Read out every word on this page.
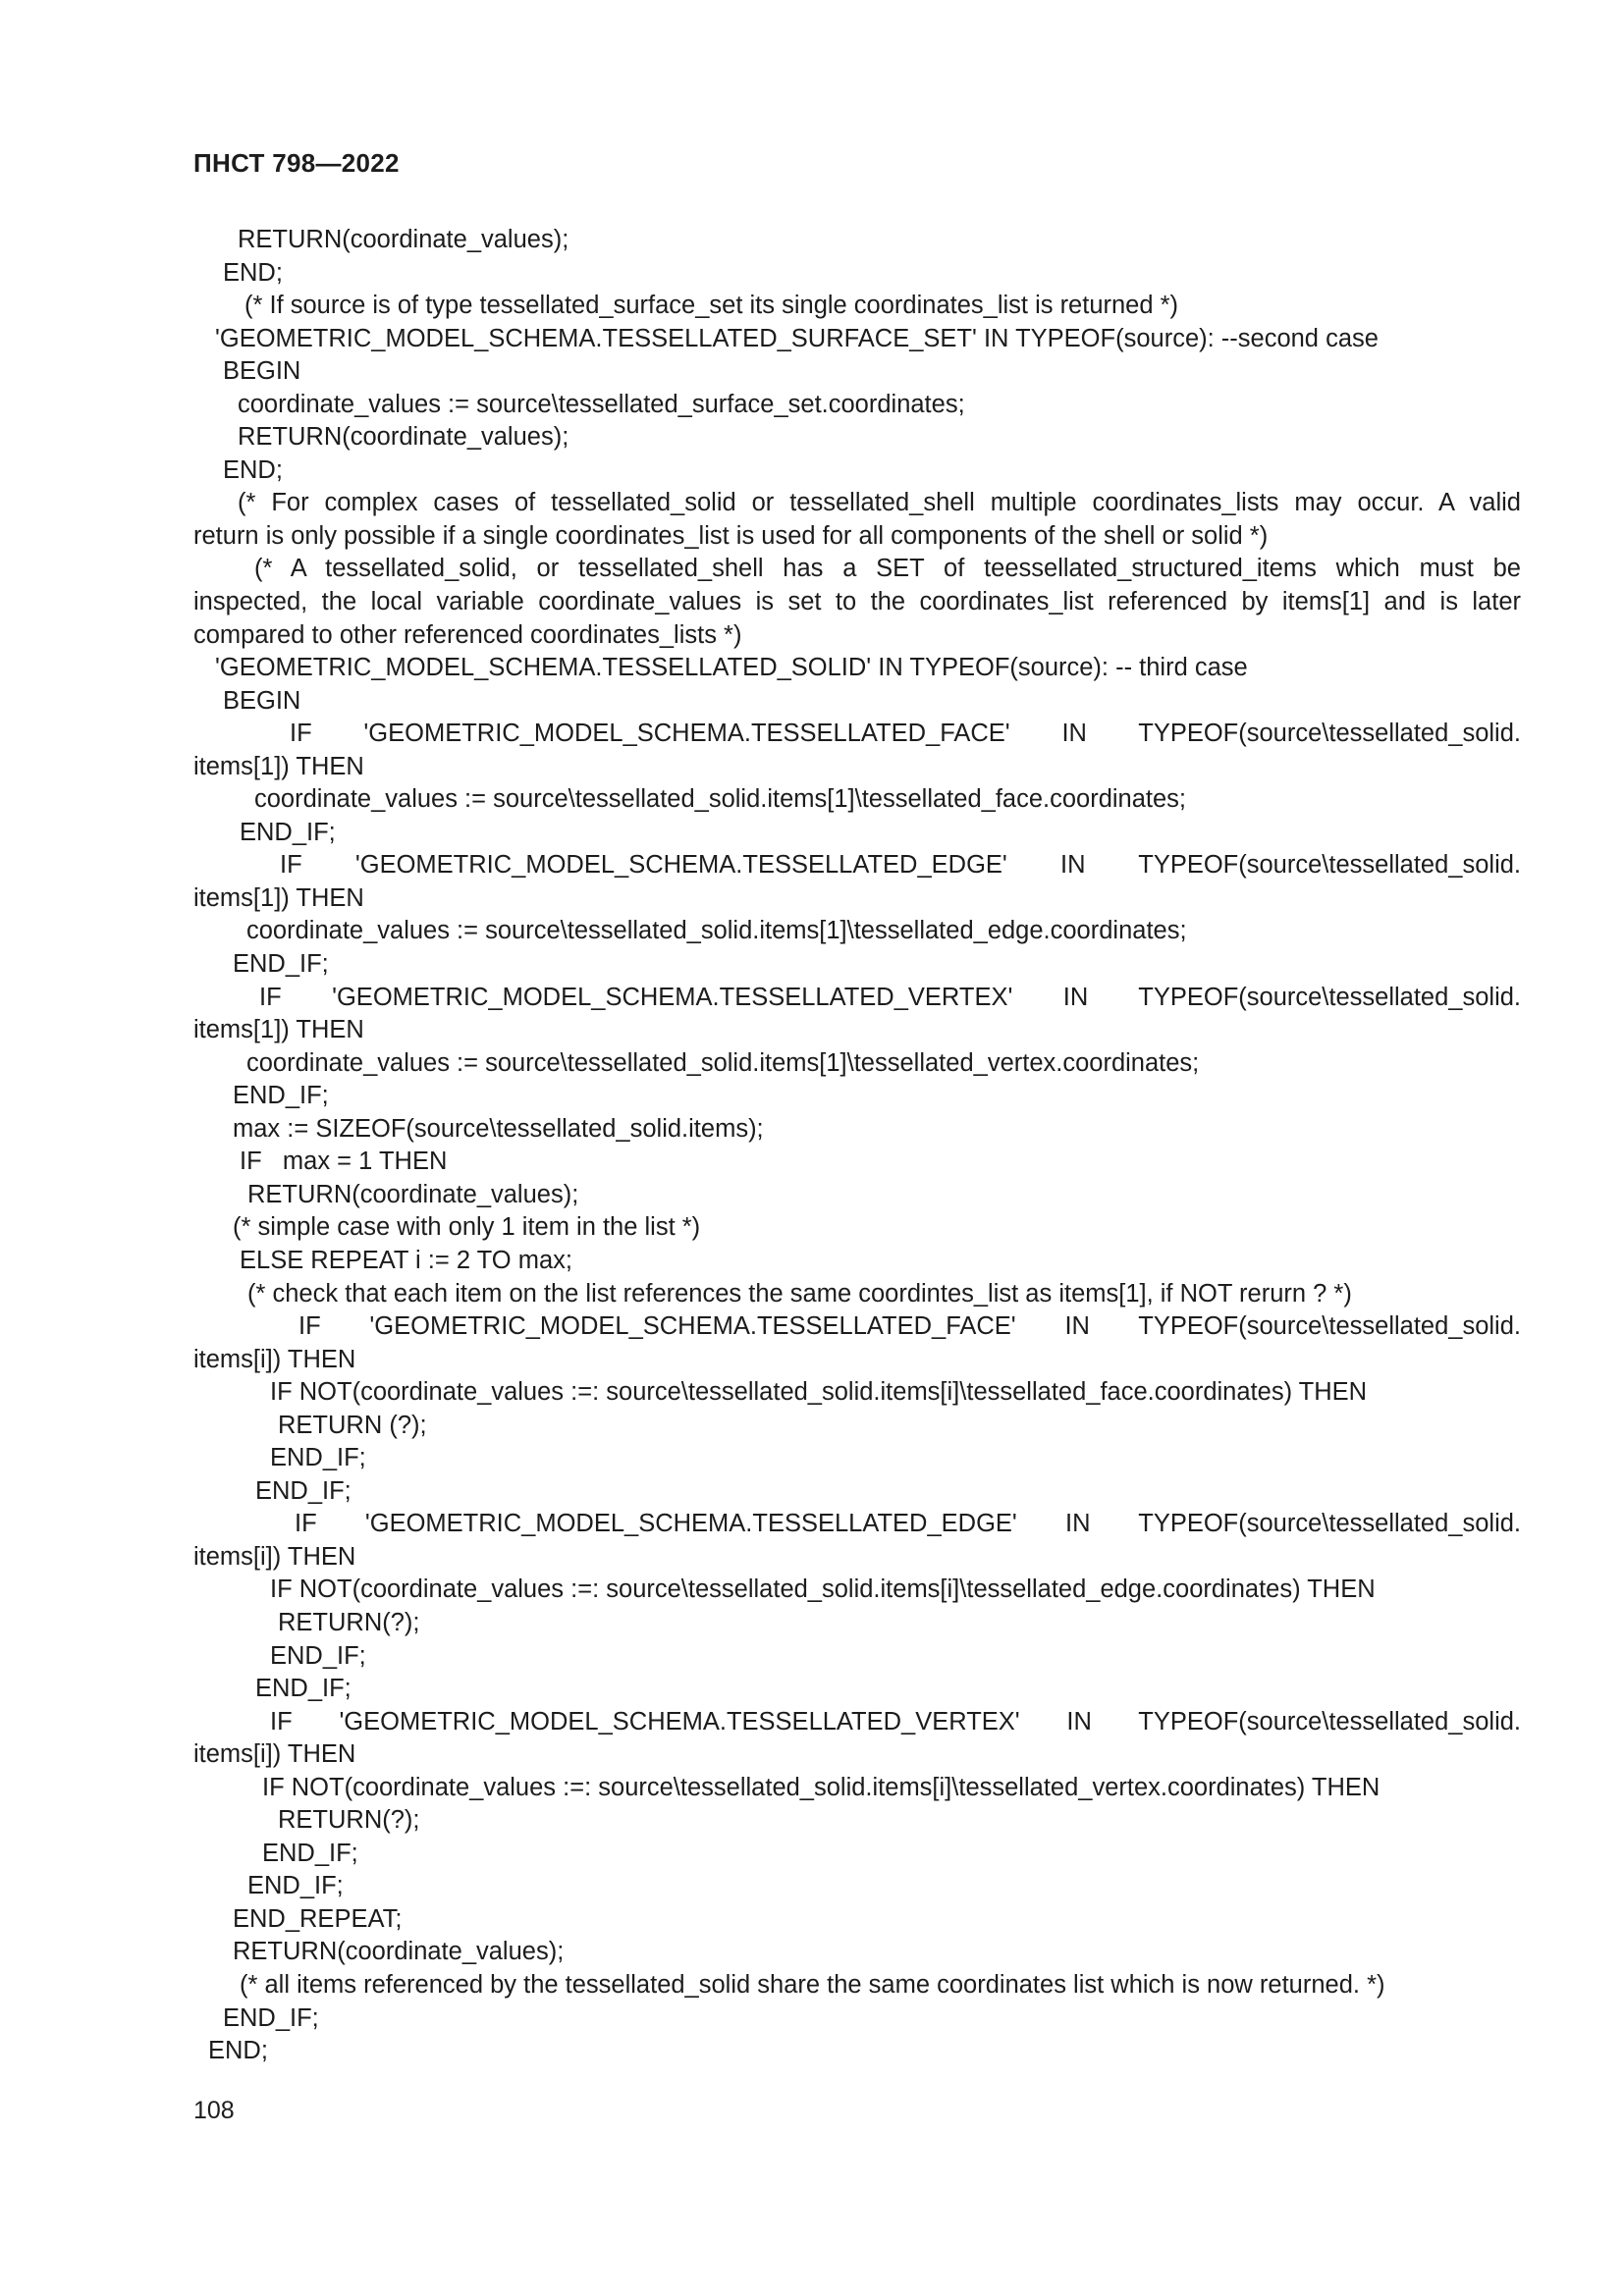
ПНСТ 798—2022
RETURN(coordinate_values);
END;
(* If source is of type tessellated_surface_set its single coordinates_list is returned *)
'GEOMETRIC_MODEL_SCHEMA.TESSELLATED_SURFACE_SET' IN TYPEOF(source): --second case
BEGIN
coordinate_values := source\tessellated_surface_set.coordinates;
RETURN(coordinate_values);
END;
(* For complex cases of tessellated_solid or tessellated_shell multiple coordinates_lists may occur. A valid
return is only possible if a single coordinates_list is used for all components of the shell or solid *)
(* A tessellated_solid, or tessellated_shell has a SET of teessellated_structured_items which must be
inspected, the local variable coordinate_values is set to the coordinates_list referenced by items[1] and is later
compared to other referenced coordinates_lists *)
'GEOMETRIC_MODEL_SCHEMA.TESSELLATED_SOLID' IN TYPEOF(source): -- third case
BEGIN
IF 'GEOMETRIC_MODEL_SCHEMA.TESSELLATED_FACE' IN TYPEOF(source\tessellated_solid.
items[1]) THEN
coordinate_values := source\tessellated_solid.items[1]\tessellated_face.coordinates;
END_IF;
IF 'GEOMETRIC_MODEL_SCHEMA.TESSELLATED_EDGE' IN TYPEOF(source\tessellated_solid.
items[1]) THEN
coordinate_values := source\tessellated_solid.items[1]\tessellated_edge.coordinates;
END_IF;
IF 'GEOMETRIC_MODEL_SCHEMA.TESSELLATED_VERTEX' IN TYPEOF(source\tessellated_solid.
items[1]) THEN
coordinate_values := source\tessellated_solid.items[1]\tessellated_vertex.coordinates;
END_IF;
max := SIZEOF(source\tessellated_solid.items);
IF   max = 1 THEN
RETURN(coordinate_values);
(* simple case with only 1 item in the list *)
ELSE REPEAT i := 2 TO max;
(* check that each item on the list references the same coordintes_list as items[1], if NOT rerurn ? *)
IF 'GEOMETRIC_MODEL_SCHEMA.TESSELLATED_FACE' IN TYPEOF(source\tessellated_solid.
items[i]) THEN
IF NOT(coordinate_values :=: source\tessellated_solid.items[i]\tessellated_face.coordinates) THEN
RETURN (?);
END_IF;
END_IF;
IF 'GEOMETRIC_MODEL_SCHEMA.TESSELLATED_EDGE' IN TYPEOF(source\tessellated_solid.
items[i]) THEN
IF NOT(coordinate_values :=: source\tessellated_solid.items[i]\tessellated_edge.coordinates) THEN
RETURN(?);
END_IF;
END_IF;
IF 'GEOMETRIC_MODEL_SCHEMA.TESSELLATED_VERTEX' IN TYPEOF(source\tessellated_solid.
items[i]) THEN
IF NOT(coordinate_values :=: source\tessellated_solid.items[i]\tessellated_vertex.coordinates) THEN
RETURN(?);
END_IF;
END_IF;
END_REPEAT;
RETURN(coordinate_values);
(* all items referenced by the tessellated_solid share the same coordinates list which is now returned. *)
END_IF;
END;
108
